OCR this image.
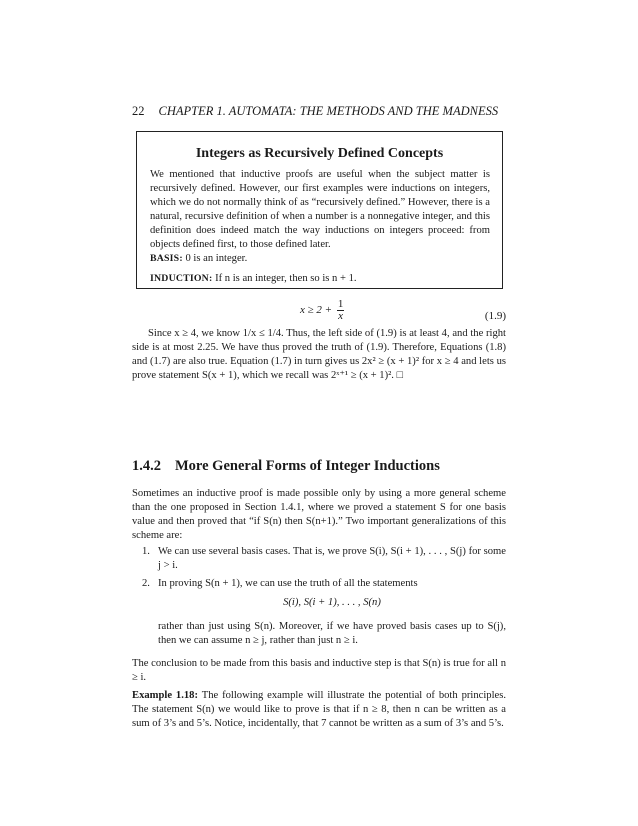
22 CHAPTER 1. AUTOMATA: THE METHODS AND THE MADNESS
Integers as Recursively Defined Concepts
We mentioned that inductive proofs are useful when the subject matter is recursively defined. However, our first examples were inductions on integers, which we do not normally think of as “recursively defined.” However, there is a natural, recursive definition of when a number is a nonnegative integer, and this definition does indeed match the way inductions on integers proceed: from objects defined first, to those defined later.
BASIS: 0 is an integer.
INDUCTION: If n is an integer, then so is n + 1.
$x \ge 2 + \frac{1}{x}$	(1.9)
Since x ≥ 4, we know 1/x ≤ 1/4. Thus, the left side of (1.9) is at least 4, and the right side is at most 2.25. We have thus proved the truth of (1.9). Therefore, Equations (1.8) and (1.7) are also true. Equation (1.7) in turn gives us 2x² ≥ (x + 1)² for x ≥ 4 and lets us prove statement S(x + 1), which we recall was 2ˣ⁺¹ ≥ (x + 1)². □
1.4.2 More General Forms of Integer Inductions
Sometimes an inductive proof is made possible only by using a more general scheme than the one proposed in Section 1.4.1, where we proved a statement S for one basis value and then proved that “if S(n) then S(n+1).” Two important generalizations of this scheme are:
1. We can use several basis cases. That is, we prove S(i), S(i + 1), . . . , S(j) for some j > i.
2. In proving S(n + 1), we can use the truth of all the statements
S(i), S(i + 1), . . . , S(n)
rather than just using S(n). Moreover, if we have proved basis cases up to S(j), then we can assume n ≥ j, rather than just n ≥ i.
The conclusion to be made from this basis and inductive step is that S(n) is true for all n ≥ i.
Example 1.18: The following example will illustrate the potential of both principles. The statement S(n) we would like to prove is that if n ≥ 8, then n can be written as a sum of 3’s and 5’s. Notice, incidentally, that 7 cannot be written as a sum of 3’s and 5’s.
